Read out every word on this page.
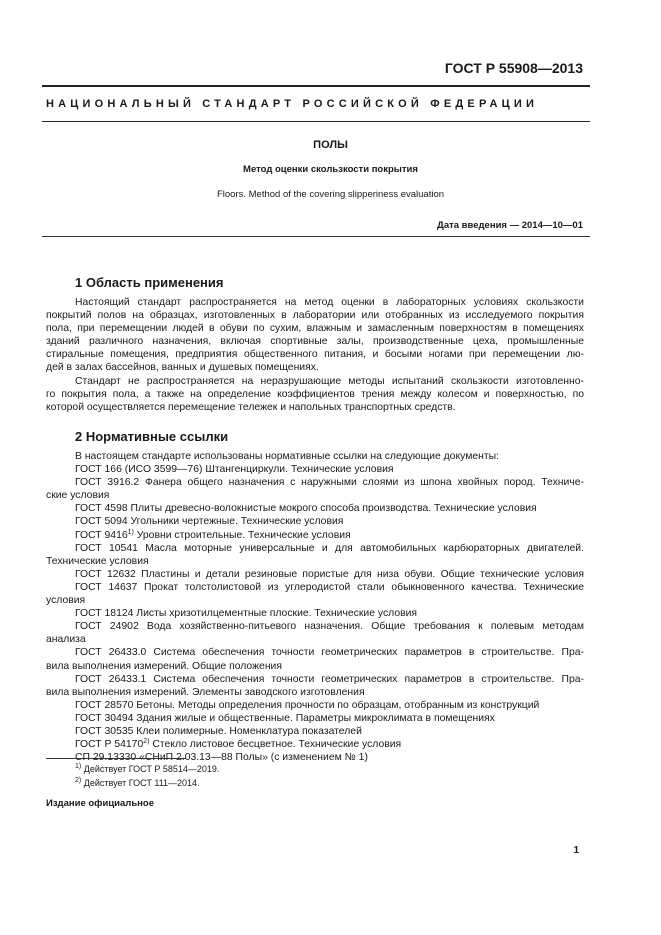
ГОСТ Р 55908—2013
НАЦИОНАЛЬНЫЙ СТАНДАРТ РОССИЙСКОЙ ФЕДЕРАЦИИ
ПОЛЫ
Метод оценки скользкости покрытия
Floors. Method of the covering slipperiness evaluation
Дата введения — 2014—10—01
1 Область применения
Настоящий стандарт распространяется на метод оценки в лабораторных условиях скользкости
покрытий полов на образцах, изготовленных в лаборатории или отобранных из исследуемого покрытия
пола, при перемещении людей в обуви по сухим, влажным и замасленным поверхностям в помещениях
зданий различного назначения, включая спортивные залы, производственные цеха, промышленные
стиральные помещения, предприятия общественного питания, и босыми ногами при перемещении лю-
дей в залах бассейнов, ванных и душевых помещениях.
Стандарт не распространяется на неразрушающие методы испытаний скользкости изготовленно-
го покрытия пола, а также на определение коэффициентов трения между колесом и поверхностью, по
которой осуществляется перемещение тележек и напольных транспортных средств.
2 Нормативные ссылки
В настоящем стандарте использованы нормативные ссылки на следующие документы:
ГОСТ 166 (ИСО 3599—76) Штангенциркули. Технические условия
ГОСТ 3916.2 Фанера общего назначения с наружными слоями из шпона хвойных пород. Техниче-
ские условия
ГОСТ 4598 Плиты древесно-волокнистые мокрого способа производства. Технические условия
ГОСТ 5094 Угольники чертежные. Технические условия
ГОСТ 9416$^{1)}$ Уровни строительные. Технические условия
ГОСТ 10541 Масла моторные универсальные и для автомобильных карбюраторных двигателей.
Технические условия
ГОСТ 12632 Пластины и детали резиновые пористые для низа обуви. Общие технические условия
ГОСТ 14637 Прокат толстолистовой из углеродистой стали обыкновенного качества. Технические
условия
ГОСТ 18124 Листы хризотилцементные плоские. Технические условия
ГОСТ 24902 Вода хозяйственно-питьевого назначения. Общие требования к полевым методам
анализа
ГОСТ 26433.0 Система обеспечения точности геометрических параметров в строительстве. Пра-
вила выполнения измерений. Общие положения
ГОСТ 26433.1 Система обеспечения точности геометрических параметров в строительстве. Пра-
вила выполнения измерений. Элементы заводского изготовления
ГОСТ 28570 Бетоны. Методы определения прочности по образцам, отобранным из конструкций
ГОСТ 30494 Здания жилые и общественные. Параметры микроклимата в помещениях
ГОСТ 30535 Клеи полимерные. Номенклатура показателей
ГОСТ Р 54170$^{2)}$ Стекло листовое бесцветное. Технические условия
СП 29.13330 «СНиП 2.03.13—88 Полы» (с изменением № 1)
$^{1)}$ Действует ГОСТ Р 58514—2019.
$^{2)}$ Действует ГОСТ 111—2014.
Издание официальное
1
